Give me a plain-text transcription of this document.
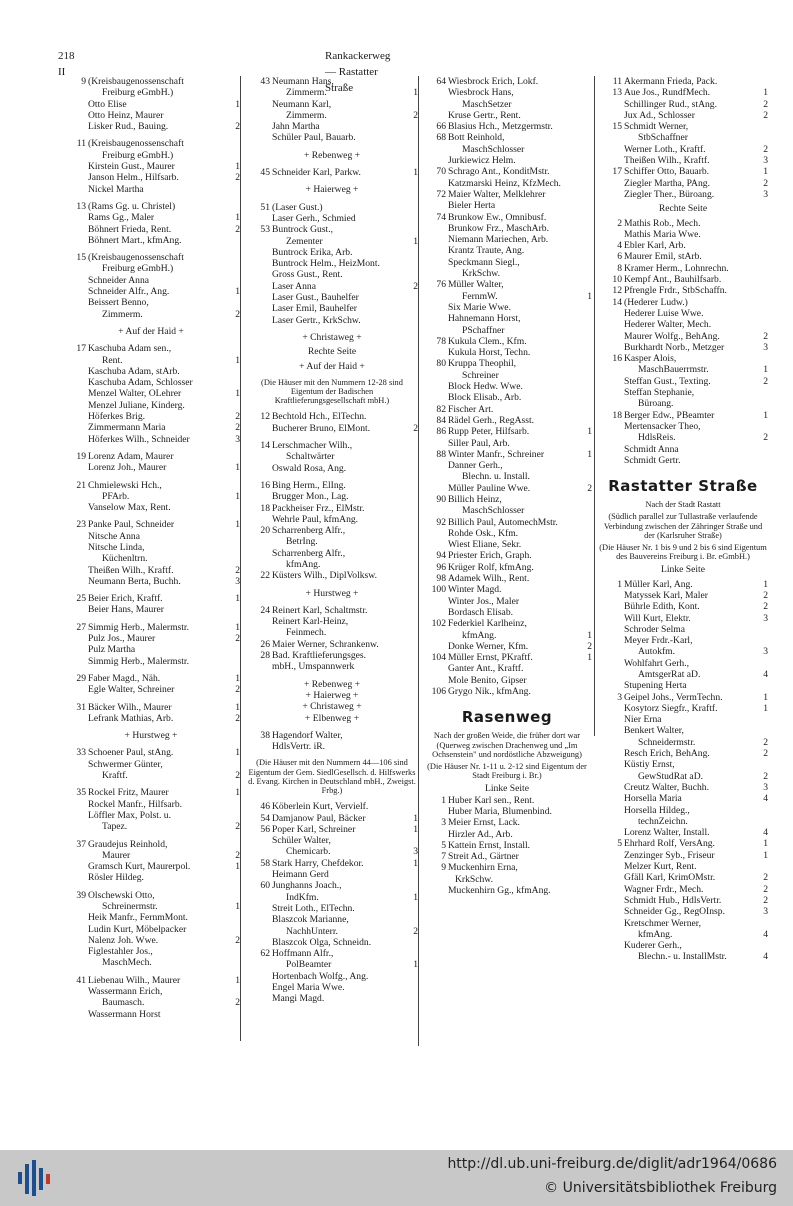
218 II
Rankackerweg — Rastatter Straße
9 (Kreisbaugenossenschaft
Freiburg eGmbH.)
Otto Elise	1
Otto Heinz, Maurer
Lisker Rud., Bauing.	2
11 (Kreisbaugenossenschaft
Freiburg eGmbH.)
Kirstein Gust., Maurer	1
Janson Helm., Hilfsarb.	2
Nickel Martha
13 (Rams Gg. u. Christel)
Rams Gg., Maler	1
Böhnert Frieda, Rent.	2
Böhnert Mart., kfmAng.
15 (Kreisbaugenossenschaft
Freiburg eGmbH.)
Schneider Anna
Schneider Alfr., Ang.	1
Beissert Benno,
Zimmerm.	2
+ Auf der Haid +
17 Kaschuba Adam sen.,
Rent.	1
Kaschuba Adam, stArb.
Kaschuba Adam, Schlosser
Menzel Walter, OLehrer	1
Menzel Juliane, Kinderg.
Höferkes Brig.	2
Zimmermann Maria	2
Höferkes Wilh., Schneider	3
19 Lorenz Adam, Maurer
Lorenz Joh., Maurer	1
21 Chmielewski Hch.,
PFArb.	1
Vanselow Max, Rent.
23 Panke Paul, Schneider	1
Nitsche Anna
Nitsche Linda,
Küchenltrn.
Theißen Wilh., Kraftf.	2
Neumann Berta, Buchh.	3
25 Beier Erich, Kraftf.	1
Beier Hans, Maurer
27 Simmig Herb., Malermstr.	1
Pulz Jos., Maurer	2
Pulz Martha
Simmig Herb., Malermstr.
29 Faber Magd., Näh.	1
Egle Walter, Schreiner	2
31 Bäcker Wilh., Maurer	1
Lefrank Mathias, Arb.	2
+ Hurstweg +
33 Schoener Paul, stAng.	1
Schwermer Günter,
Kraftf.	2
35 Rockel Fritz, Maurer	1
Rockel Manfr., Hilfsarb.
Löffler Max, Polst. u.
Tapez.	2
37 Graudejus Reinhold,
Maurer	2
Gramsch Kurt, Maurerpol.	1
Rösler Hildeg.
39 Olschewski Otto,
Schreinermstr.	1
Heik Manfr., FernmMont.
Ludin Kurt, Möbelpacker
Nalenz Joh. Wwe.	2
Figlestahler Jos.,
MaschMech.
41 Liebenau Wilh., Maurer	1
Wassermann Erich,
Baumasch.	2
Wassermann Horst
43 Neumann Hans,
Zimmerm.	1
Neumann Karl,
Zimmerm.	2
Jahn Martha
Schüler Paul, Bauarb.
+ Rebenweg +
45 Schneider Karl, Parkw.	1
+ Haierweg +
51 (Laser Gust.)
Laser Gerh., Schmied
53 Buntrock Gust.,
Zementer	1
Buntrock Erika, Arb.
Buntrock Helm., HeizMont.
Gross Gust., Rent.
Laser Anna	2
Laser Gust., Bauhelfer
Laser Emil, Bauhelfer
Laser Gertr., KrkSchw.
+ Christaweg +
Rechte Seite
+ Auf der Haid +
(Die Häuser mit den Nummern 12-28 sind Eigentum der Badischen Kraftlieferungsgesellschaft mbH.)
12 Bechtold Hch., ElTechn.
Bucherer Bruno, ElMont.	2
14 Lerschmacher Wilh.,
Schaltwärter
Oswald Rosa, Ang.
16 Bing Herm., ElIng.
Brugger Mon., Lag.
18 Packheiser Frz., ElMstr.
Wehrle Paul, kfmAng.
20 Scharrenberg Alfr.,
BetrIng.
Scharrenberg Alfr.,
kfmAng.
22 Küsters Wilh., DiplVolksw.
+ Hurstweg +
24 Reinert Karl, Schaltmstr.
Reinert Karl-Heinz,
Feinmech.
26 Maier Werner, Schrankenw.
28 Bad. Kraftlieferungsges.
mbH., Umspannwerk
+ Rebenweg +
+ Haierweg +
+ Christaweg +
+ Elbenweg +
38 Hagendorf Walter,
HdlsVertr. iR.
(Die Häuser mit den Nummern 44—106 sind Eigentum der Gem. SiedlGesellsch. d. Hilfswerks d. Evang. Kirchen in Deutschland mbH., Zweigst. Frbg.)
46 Köberlein Kurt, Vervielf.
54 Damjanow Paul, Bäcker	1
56 Poper Karl, Schreiner	1
Schüler Walter,
Chemicarb.	3
58 Stark Harry, Chefdekor.	1
Heimann Gerd
60 Junghanns Joach.,
IndKfm.	1
Streit Loth., ElTechn.
Blaszcok Marianne,
NachhUnterr.	2
Blaszcok Olga, Schneidn.
62 Hoffmann Alfr.,
PolBeamter	1
Hortenbach Wolfg., Ang.
Engel Maria Wwe.
Mangi Magd.
64 Wiesbrock Erich, Lokf.
Wiesbrock Hans,
MaschSetzer
Kruse Gertr., Rent.
66 Blasius Hch., Metzgermstr.
68 Bott Reinhold,
MaschSchlosser
Jurkiewicz Helm.
70 Schrago Ant., KonditMstr.
Katzmarski Heinz, KfzMech.
72 Maier Walter, Melklehrer
Bieler Herta
74 Brunkow Ew., Omnibusf.
Brunkow Frz., MaschArb.
Niemann Mariechen, Arb.
Krantz Traute, Ang.
Speckmann Siegl.,
KrkSchw.
76 Müller Walter,
FernmW.	1
Six Marie Wwe.
Hahnemann Horst,
PSchaffner
78 Kukula Clem., Kfm.
Kukula Horst, Techn.
80 Kruppa Theophil,
Schreiner
Block Hedw. Wwe.
Block Elisab., Arb.
82 Fischer Art.
84 Rädel Gerh., RegAsst.
86 Rupp Peter, Hilfsarb.	1
Siller Paul, Arb.
88 Winter Manfr., Schreiner	1
Danner Gerh.,
Blechn. u. Install.
Müller Pauline Wwe.	2
90 Billich Heinz,
MaschSchlosser
92 Billich Paul, AutomechMstr.
Rohde Osk., Kfm.
Wiest Eliane, Sekr.
94 Priester Erich, Graph.
96 Krüger Rolf, kfmAng.
98 Adamek Wilh., Rent.
100 Winter Magd.
Winter Jos., Maler
Bordasch Elisab.
102 Federkiel Karlheinz,
kfmAng.	1
Donke Werner, Kfm.	2
104 Müller Ernst, PKraftf.	1
Ganter Ant., Kraftf.
Mole Benito, Gipser
106 Grygo Nik., kfmAng.
Rasenweg
Nach der großen Weide, die früher dort war
(Querweg zwischen Drachenweg und „Im Ochsenstein" und nordöstliche Abzweigung)
(Die Häuser Nr. 1-11 u. 2-12 sind Eigentum der Stadt Freiburg i. Br.)
Linke Seite
1 Huber Karl sen., Rent.
Huber Maria, Blumenbind.
3 Meier Ernst, Lack.
Hirzler Ad., Arb.
5 Kattein Ernst, Install.
7 Streit Ad., Gärtner
9 Muckenhirn Erna,
KrkSchw.
Muckenhirn Gg., kfmAng.
11 Akermann Frieda, Pack.
13 Aue Jos., RundfMech.	1
Schillinger Rud., stAng.	2
Jux Ad., Schlosser	2
15 Schmidt Werner,
StbSchaffner
Werner Loth., Kraftf.	2
Theißen Wilh., Kraftf.	3
17 Schiffer Otto, Bauarb.	1
Ziegler Martha, PAng.	2
Ziegler Ther., Büroang.	3
Rechte Seite
2 Mathis Rob., Mech.
Mathis Maria Wwe.
4 Ebler Karl, Arb.
6 Maurer Emil, stArb.
8 Kramer Herm., Lohnrechn.
10 Kempf Ant., Bauhilfsarb.
12 Pfrengle Frdr., StbSchaffn.
14 (Hederer Ludw.)
Hederer Luise Wwe.
Hederer Walter, Mech.
Maurer Wolfg., BehAng.	2
Burkhardt Norb., Metzger	3
16 Kasper Alois,
MaschBauerrmstr.	1
Steffan Gust., Texting.	2
Steffan Stephanie,
Büroang.
18 Berger Edw., PBeamter	1
Mertensacker Theo,
HdlsReis.	2
Schmidt Anna
Schmidt Gertr.
Rastatter Straße
Nach der Stadt Rastatt
(Südlich parallel zur Tullastraße verlaufende Verbindung zwischen der Zähringer Straße und der (Karlsruher Straße)
(Die Häuser Nr. 1 bis 9 und 2 bis 6 sind Eigentum des Bauvereins Freiburg i. Br. eGmbH.)
Linke Seite
1 Müller Karl, Ang.	1
Matyssek Karl, Maler	2
Bührle Edith, Kont.	2
Will Kurt, Elektr.	3
Schroder Selma
Meyer Frdr.-Karl,
Autokfm.	3
Wohlfahrt Gerh.,
AmtsgerRat aD.	4
Stupening Herta
3 Geipel Johs., VermTechn.	1
Kosytorz Siegfr., Kraftf.	1
Nier Erna
Benkert Walter,
Schneidermstr.	2
Resch Erich, BehAng.	2
Küstiy Ernst,
GewStudRat aD.	2
Creutz Walter, Buchh.	3
Horsella Maria	4
Horsella Hildeg.,
technZeichn.
Lorenz Walter, Install.	4
5 Ehrhard Rolf, VersAng.	1
Zenzinger Syb., Friseur	1
Melzer Kurt, Rent.
Gfäll Karl, KrimOMstr.	2
Wagner Frdr., Mech.	2
Schmidt Hub., HdlsVertr.	2
Schneider Gg., RegOInsp.	3
Kretschmer Werner,
kfmAng.	4
Kuderer Gerh.,
Blechn.- u. InstallMstr.	4
http://dl.ub.uni-freiburg.de/diglit/adr1964/0686
© Universitätsbibliothek Freiburg
